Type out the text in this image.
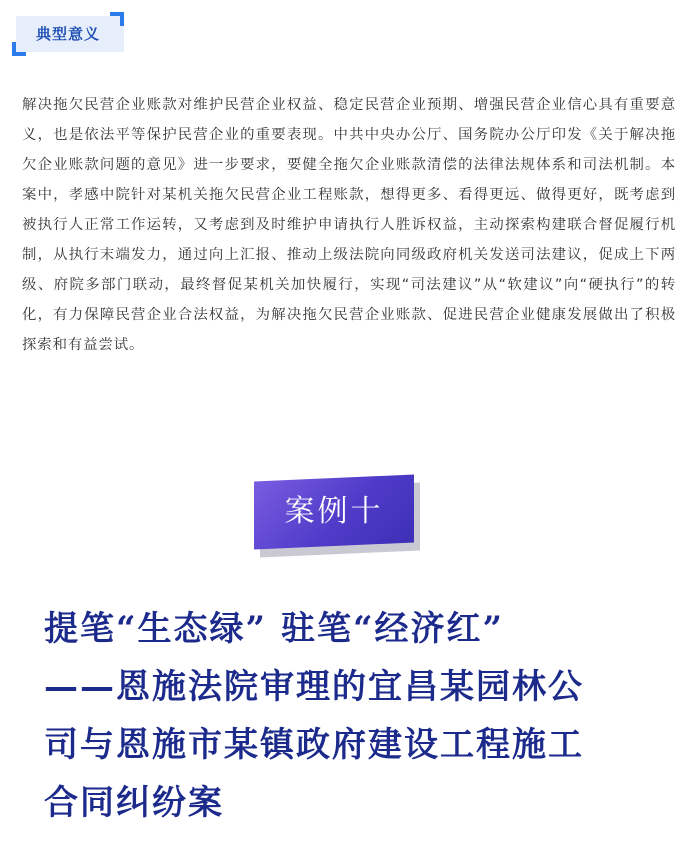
典型意义

解决拖欠民营企业账款对维护民营企业权益、稳定民营企业预期、增强民营企业信心具有重要意义，也是依法平等保护民营企业的重要表现。中共中央办公厅、国务院办公厅印发《关于解决拖欠企业账款问题的意见》进一步要求，要健全拖欠企业账款清偿的法律法规体系和司法机制。本案中，孝感中院针对某机关拖欠民营企业工程账款，想得更多、看得更远、做得更好，既考虑到被执行人正常工作运转，又考虑到及时维护申请执行人胜诉权益，主动探索构建联合督促履行机制，从执行末端发力，通过向上汇报、推动上级法院向同级政府机关发送司法建议，促成上下两级、府院多部门联动，最终督促某机关加快履行，实现“司法建议”从“软建议”向“硬执行”的转化，有力保障民营企业合法权益，为解决拖欠民营企业账款、促进民营企业健康发展做出了积极探索和有益尝试。

案例十
提笔“生态绿” 驻笔“经济红”
——恩施法院审理的宜昌某园林公
司与恩施市某镇政府建设工程施工
合同纠纷案
